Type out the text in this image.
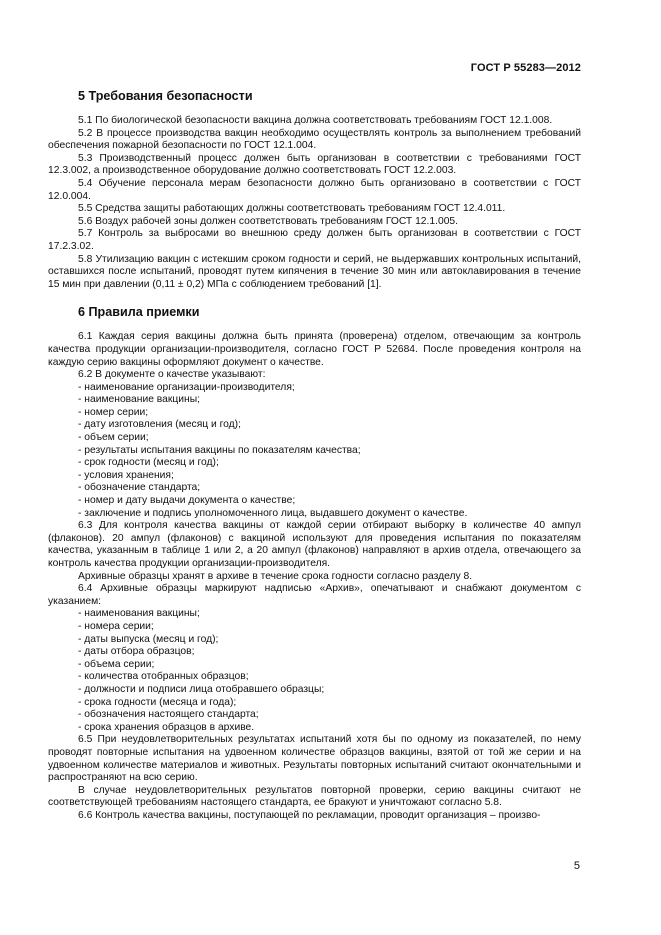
ГОСТ Р 55283—2012
5 Требования безопасности

5.1 По биологической безопасности вакцина должна соответствовать требованиям ГОСТ 12.1.008.

5.2 В процессе производства вакцин необходимо осуществлять контроль за выполнением требований обеспечения пожарной безопасности по ГОСТ 12.1.004.

5.3 Производственный процесс должен быть организован в соответствии с требованиями ГОСТ 12.3.002, а производственное оборудование должно соответствовать ГОСТ 12.2.003.

5.4 Обучение персонала мерам безопасности должно быть организовано в соответствии с ГОСТ 12.0.004.

5.5 Средства защиты работающих должны соответствовать требованиям ГОСТ 12.4.011.

5.6 Воздух рабочей зоны должен соответствовать требованиям ГОСТ 12.1.005.

5.7 Контроль за выбросами во внешнюю среду должен быть организован в соответствии с ГОСТ 17.2.3.02.

5.8 Утилизацию вакцин с истекшим сроком годности и серий, не выдержавших контрольных испытаний, оставшихся после испытаний, проводят путем кипячения в течение 30 мин или автоклавирования в течение 15 мин при давлении (0,11 ± 0,2) МПа с соблюдением требований [1].

6 Правила приемки

6.1 Каждая серия вакцины должна быть принята (проверена) отделом, отвечающим за контроль качества продукции организации-производителя, согласно ГОСТ Р 52684. После проведения контроля на каждую серию вакцины оформляют документ о качестве.

6.2 В документе о качестве указывают:

- наименование организации-производителя;
- наименование вакцины;
- номер серии;
- дату изготовления (месяц и год);
- объем серии;
- результаты испытания вакцины по показателям качества;
- срок годности (месяц и год);
- условия хранения;
- обозначение стандарта;
- номер и дату выдачи документа о качестве;
- заключение и подпись уполномоченного лица, выдавшего документ о качестве.

6.3 Для контроля качества вакцины от каждой серии отбирают выборку в количестве 40 ампул (флаконов). 20 ампул (флаконов) с вакциной используют для проведения испытания по показателям качества, указанным в таблице 1 или 2, а 20 ампул (флаконов) направляют в архив отдела, отвечающего за контроль качества продукции организации-производителя.

Архивные образцы хранят в архиве в течение срока годности согласно разделу 8.

6.4 Архивные образцы маркируют надписью «Архив», опечатывают и снабжают документом с указанием:

- наименования вакцины;
- номера серии;
- даты выпуска (месяц и год);
- даты отбора образцов;
- объема серии;
- количества отобранных образцов;
- должности и подписи лица отобравшего образцы;
- срока годности (месяца и года);
- обозначения настоящего стандарта;
- срока хранения образцов в архиве.

6.5 При неудовлетворительных результатах испытаний хотя бы по одному из показателей, по нему проводят повторные испытания на удвоенном количестве образцов вакцины, взятой от той же серии и на удвоенном количестве материалов и животных. Результаты повторных испытаний считают окончательными и распространяют на всю серию.

В случае неудовлетворительных результатов повторной проверки, серию вакцины считают не соответствующей требованиям настоящего стандарта, ее бракуют и уничтожают согласно 5.8.

6.6 Контроль качества вакцины, поступающей по рекламации, проводит организация – произво-

5
